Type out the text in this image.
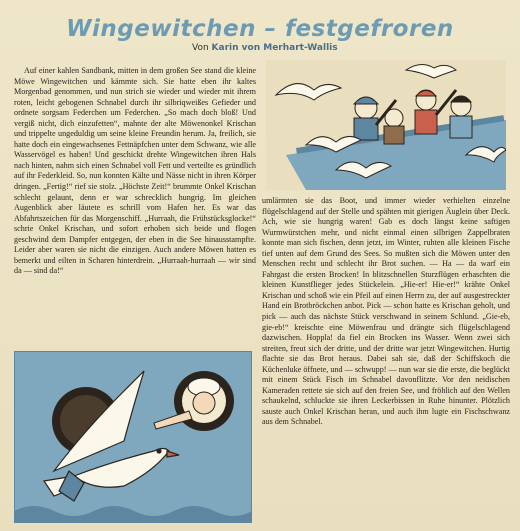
Wingewitchen – festgefroren
Von Karin von Merhart-Wallis

Auf einer kahlen Sandbank, mitten in dem großen See stand die kleine Möwe Wingewitchen und kämmte sich. Sie hatte eben ihr kaltes Morgenbad genommen, und nun strich sie wieder und wieder mit ihrem roten, leicht gebogenen Schnabel durch ihr silbriqweißes Gefieder und ordnete sorgsam Federchen um Federchen. „So mach doch bloß! Und vergiß nicht, dich einzufetten“, mahnte der alte Möwenonkel Krischan und trippelte ungeduldig um seine kleine Freundin herum. Ja, freilich, sie hatte doch ein eingewachsenes Fettnäpfchen unter dem Schwanz, wie alle Wasservögel es haben! Und geschickt drehte Wingewitchen ihren Hals nach hinten, nahm sich einen Schnabel voll Fett und verteilte es gründlich auf ihr Federkleid. So, nun konnten Kälte und Nässe nicht in ihren Körper dringen. „Fertig!“ rief sie stolz. „Höchste Zeit!“ brummte Onkel Krischan schlecht gelaunt, denn er war schrecklich hungrig. Im gleichen Augenblick aber läutete es schrill vom Hafen her. Es war das Abfahrtszeichen für das Morgenschiff. „Hurraah, die Frühstücksglocke!“ schrie Onkel Krischan, und sofort erhoben sich beide und flogen geschwind dem Dampfer entgegen, der eben in die See hinausstampfte. Leider aber waren sie nicht die einzigen. Auch andere Möwen hatten es bemerkt und eilten in Scharen hinterdrein. „Hurraah-hurraah — wir sind da — sind da!“

umlärmten sie das Boot, und immer wieder verhielten einzelne flügelschlagend auf der Stelle und spähten mit gierigen Äuglein über Deck. Ach, wie sie hungrig waren! Gab es doch längst keine saftigen Wurmwürstchen mehr, und nicht einmal einen silbrigen Zappelbraten konnte man sich fischen, denn jetzt, im Winter, ruhten alle kleinen Fische tief unten auf dem Grund des Sees. So mußten sich die Möwen unter den Menschen recht und schlecht ihr Brot suchen. — Ha — da warf ein Fahrgast die ersten Brocken! In blitzschnellen Sturzflügen erhaschten die kleinen Kunstflieger jedes Stückelein. „Hie-er! Hie-er!“ krähte Onkel Krischan und schoß wie ein Pfeil auf einen Herrn zu, der auf ausgestreckter Hand ein Brotbröckchen anbot. Pick — schon hatte es Krischan geholt, und pick — auch das nächste Stück verschwand in seinem Schlund. „Gie-eb, gie-eb!“ kreischte eine Möwenfrau und drängte sich flügelschlagend dazwischen. Hoppla! da fiel ein Brocken ins Wasser. Wenn zwei sich streiten, freut sich der dritte, und der dritte war jetzt Wingewitchen. Hurtig flachte sie das Brot heraus. Dabei sah sie, daß der Schiffskoch die Küchenluke öffnete, und — schwupp! — nun war sie die erste, die beglückt mit einem Stück Fisch im Schnabel davonflitzte. Vor den neidischen Kameraden rettete sie sich auf den freien See, und fröhlich auf den Wellen schaukelnd, schluckte sie ihren Leckerbissen in Ruhe hinunter. Plötzlich sauste auch Onkel Krischan heran, und auch ihm lugte ein Fischschwanz aus dem Schnabel.
